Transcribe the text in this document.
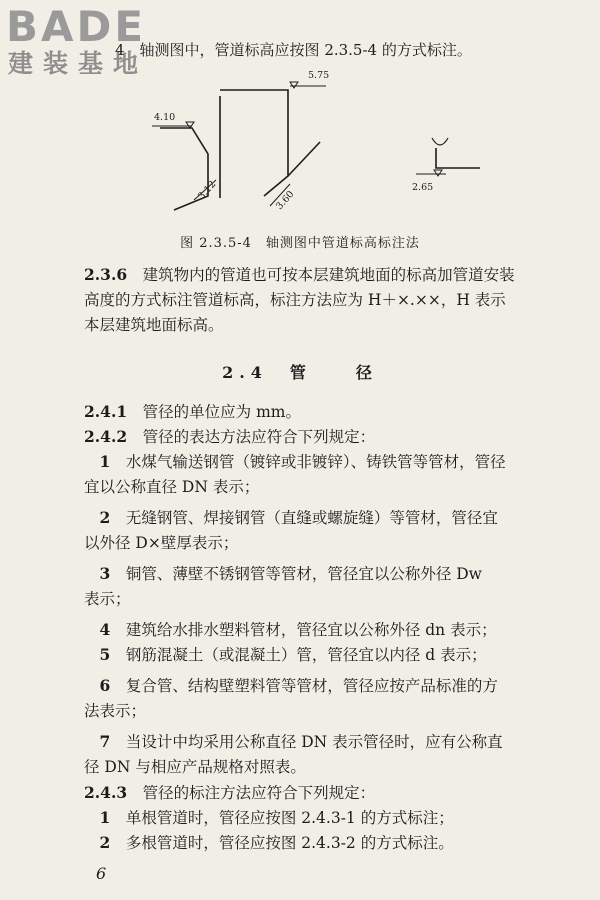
BADE
建装基地
4　轴测图中，管道标高应按图 2.3.5-4 的方式标注。
4.10
5.75
2.65
3.12	3.60
图 2.3.5-4　轴测图中管道标高标注法
2.3.6　 建筑物内的管道也可按本层建筑地面的标高加管道安装
高度的方式标注管道标高，标注方法应为 H＋×.××，H 表示
本层建筑地面标高。
2.4　管　　径
2.4.1　 管径的单位应为 mm。
2.4.2　 管径的表达方法应符合下列规定：
　1　 水煤气输送钢管（镀锌或非镀锌）、铸铁管等管材，管径
宜以公称直径 DN 表示；
　2　 无缝钢管、焊接钢管（直缝或螺旋缝）等管材，管径宜
以外径 D×壁厚表示；
　3　 铜管、薄壁不锈钢管等管材，管径宜以公称外径 Dw
表示；
　4　 建筑给水排水塑料管材，管径宜以公称外径 dn 表示；
　5　 钢筋混凝土（或混凝土）管，管径宜以内径 d 表示；
　6　 复合管、结构壁塑料管等管材，管径应按产品标准的方
法表示；
　7　 当设计中均采用公称直径 DN 表示管径时，应有公称直
径 DN 与相应产品规格对照表。
2.4.3　 管径的标注方法应符合下列规定：
　1　 单根管道时，管径应按图 2.4.3-1 的方式标注；
　2　 多根管道时，管径应按图 2.4.3-2 的方式标注。
6
